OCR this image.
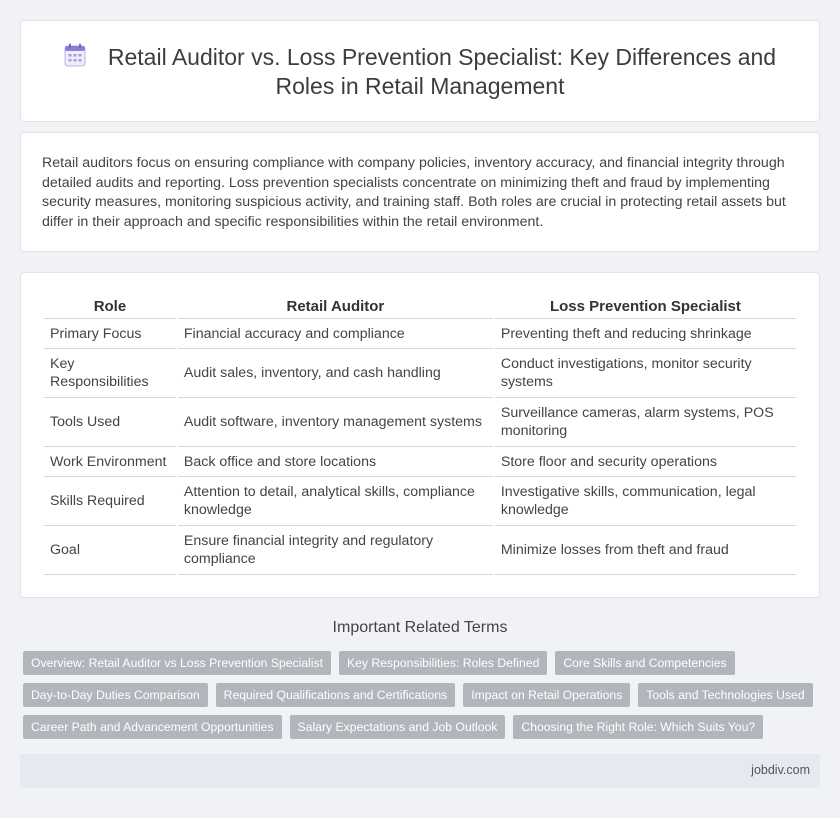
Retail Auditor vs. Loss Prevention Specialist: Key Differences and Roles in Retail Management

Retail auditors focus on ensuring compliance with company policies, inventory accuracy, and financial integrity through detailed audits and reporting. Loss prevention specialists concentrate on minimizing theft and fraud by implementing security measures, monitoring suspicious activity, and training staff. Both roles are crucial in protecting retail assets but differ in their approach and specific responsibilities within the retail environment.

Role	Retail Auditor	Loss Prevention Specialist
Primary Focus	Financial accuracy and compliance	Preventing theft and reducing shrinkage
Key Responsibilities	Audit sales, inventory, and cash handling	Conduct investigations, monitor security systems
Tools Used	Audit software, inventory management systems	Surveillance cameras, alarm systems, POS monitoring
Work Environment	Back office and store locations	Store floor and security operations
Skills Required	Attention to detail, analytical skills, compliance knowledge	Investigative skills, communication, legal knowledge
Goal	Ensure financial integrity and regulatory compliance	Minimize losses from theft and fraud
Important Related Terms
Overview: Retail Auditor vs Loss Prevention Specialist	Key Responsibilities: Roles Defined	Core Skills and Competencies
Day-to-Day Duties Comparison	Required Qualifications and Certifications	Impact on Retail Operations	Tools and Technologies Used
Career Path and Advancement Opportunities	Salary Expectations and Job Outlook	Choosing the Right Role: Which Suits You?
jobdiv.com
